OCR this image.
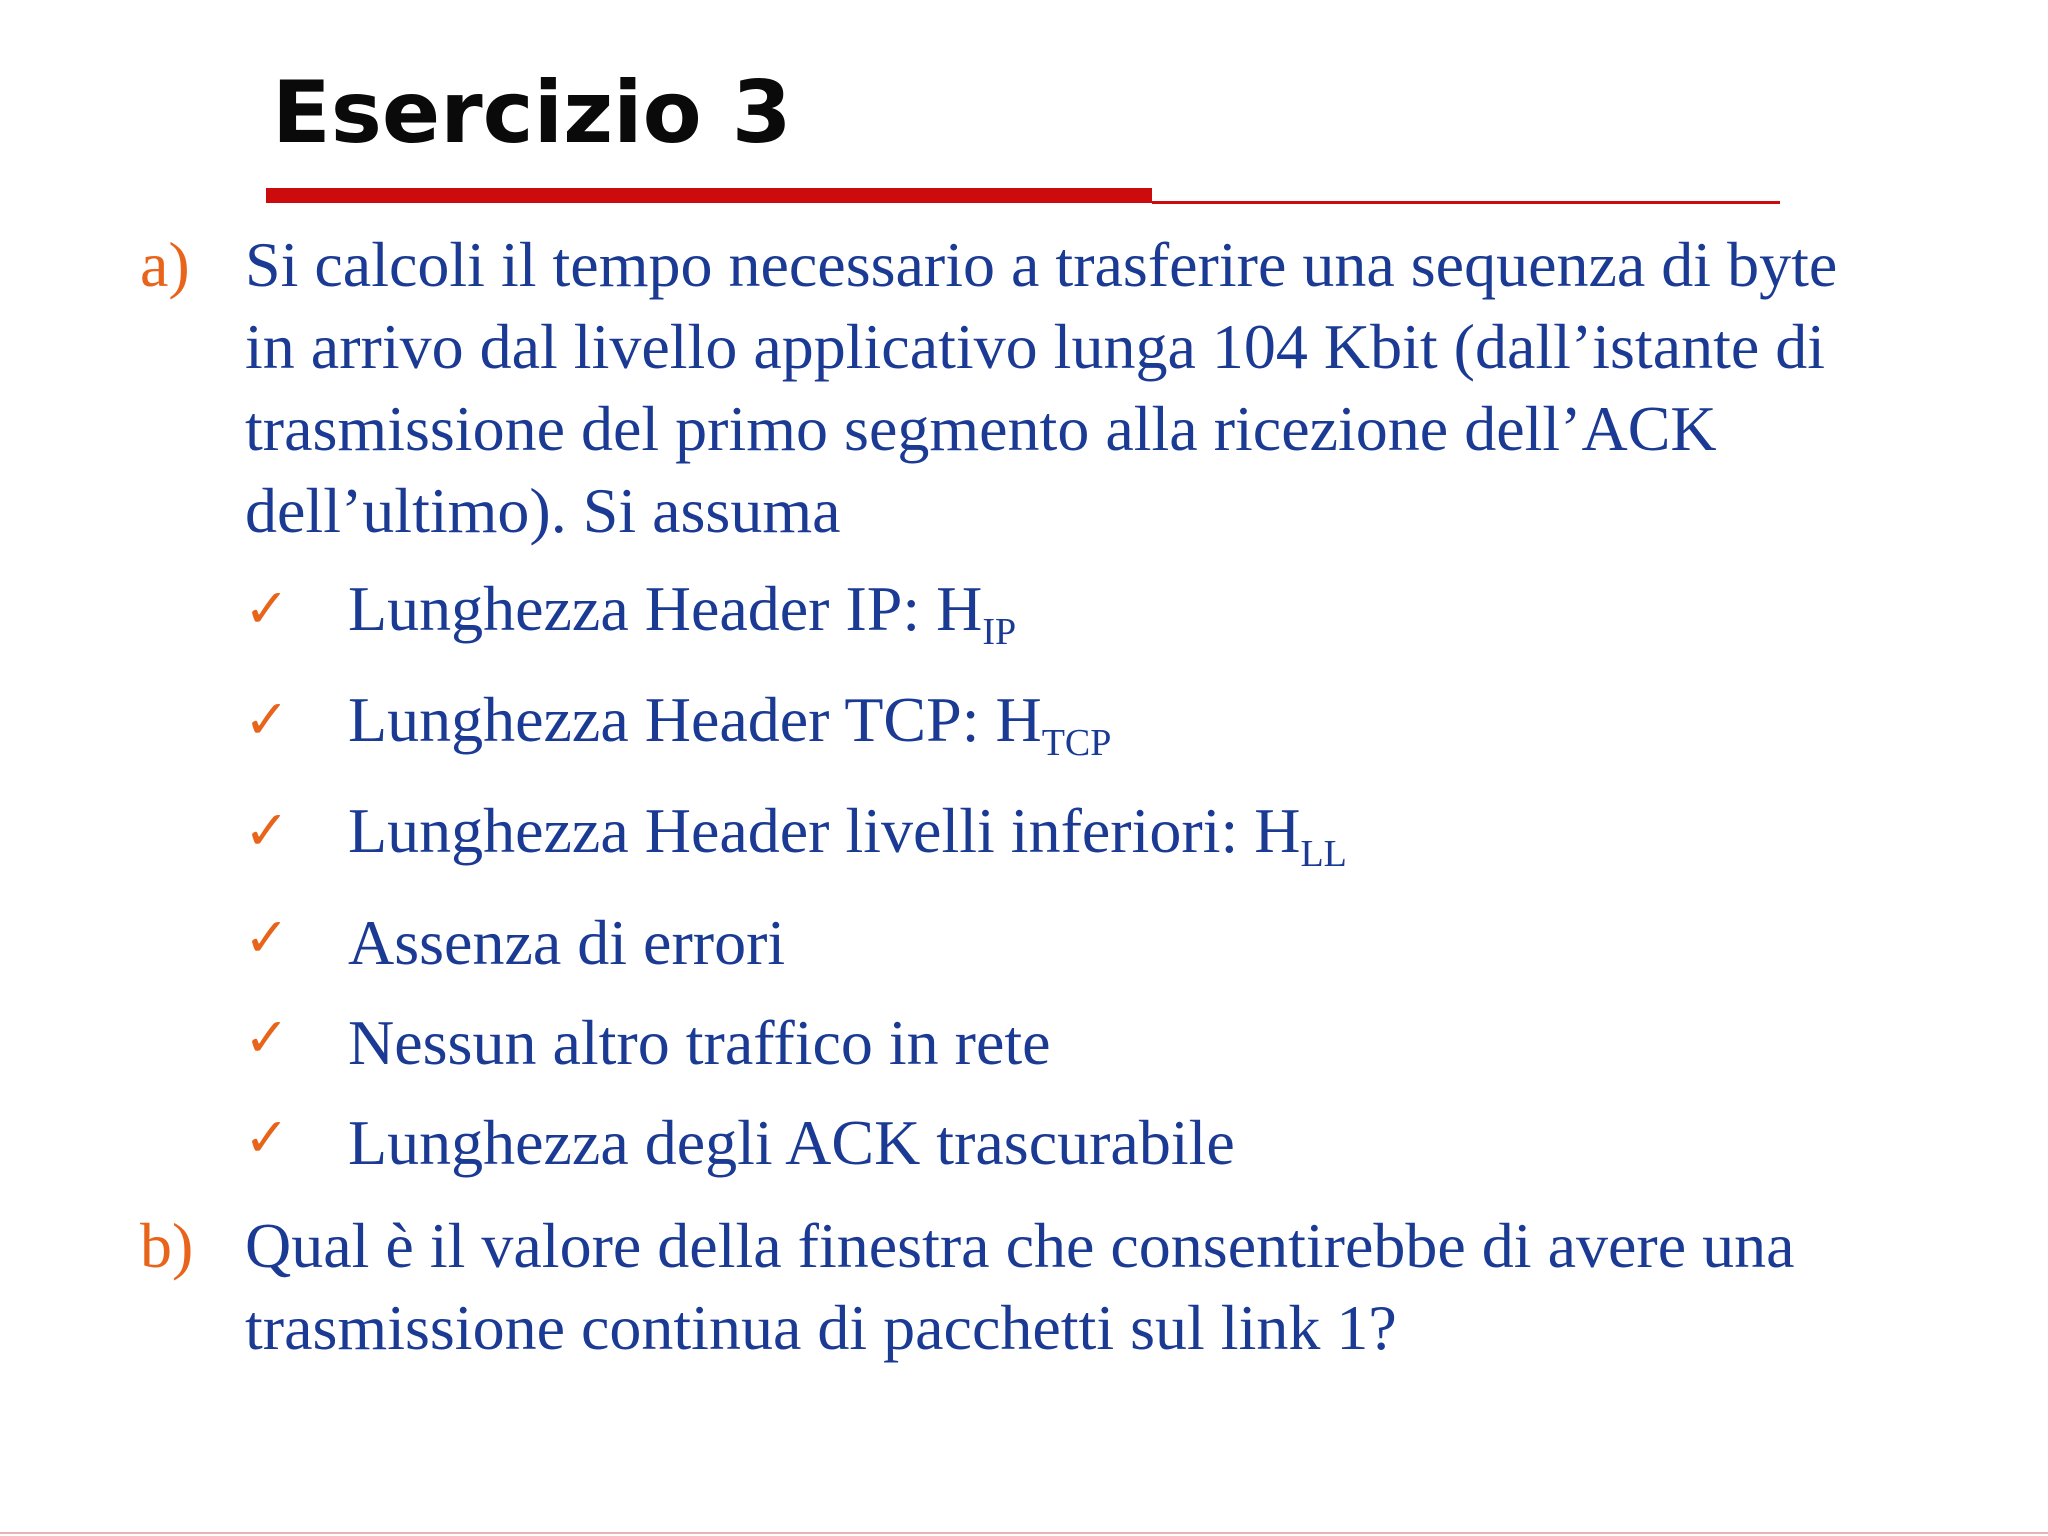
Esercizio 3
a) Si calcoli il tempo necessario a trasferire una sequenza di byte
in arrivo dal livello applicativo lunga 104 Kbit (dall’istante di
trasmissione del primo segmento alla ricezione dell’ACK
dell’ultimo). Si assuma
✓ Lunghezza Header IP: $H_{IP}$
✓ Lunghezza Header TCP: $H_{TCP}$
✓ Lunghezza Header livelli inferiori: $H_{LL}$
✓ Assenza di errori
✓ Nessun altro traffico in rete
✓ Lunghezza degli ACK trascurabile
b) Qual è il valore della finestra che consentirebbe di avere una
trasmissione continua di pacchetti sul link 1?
